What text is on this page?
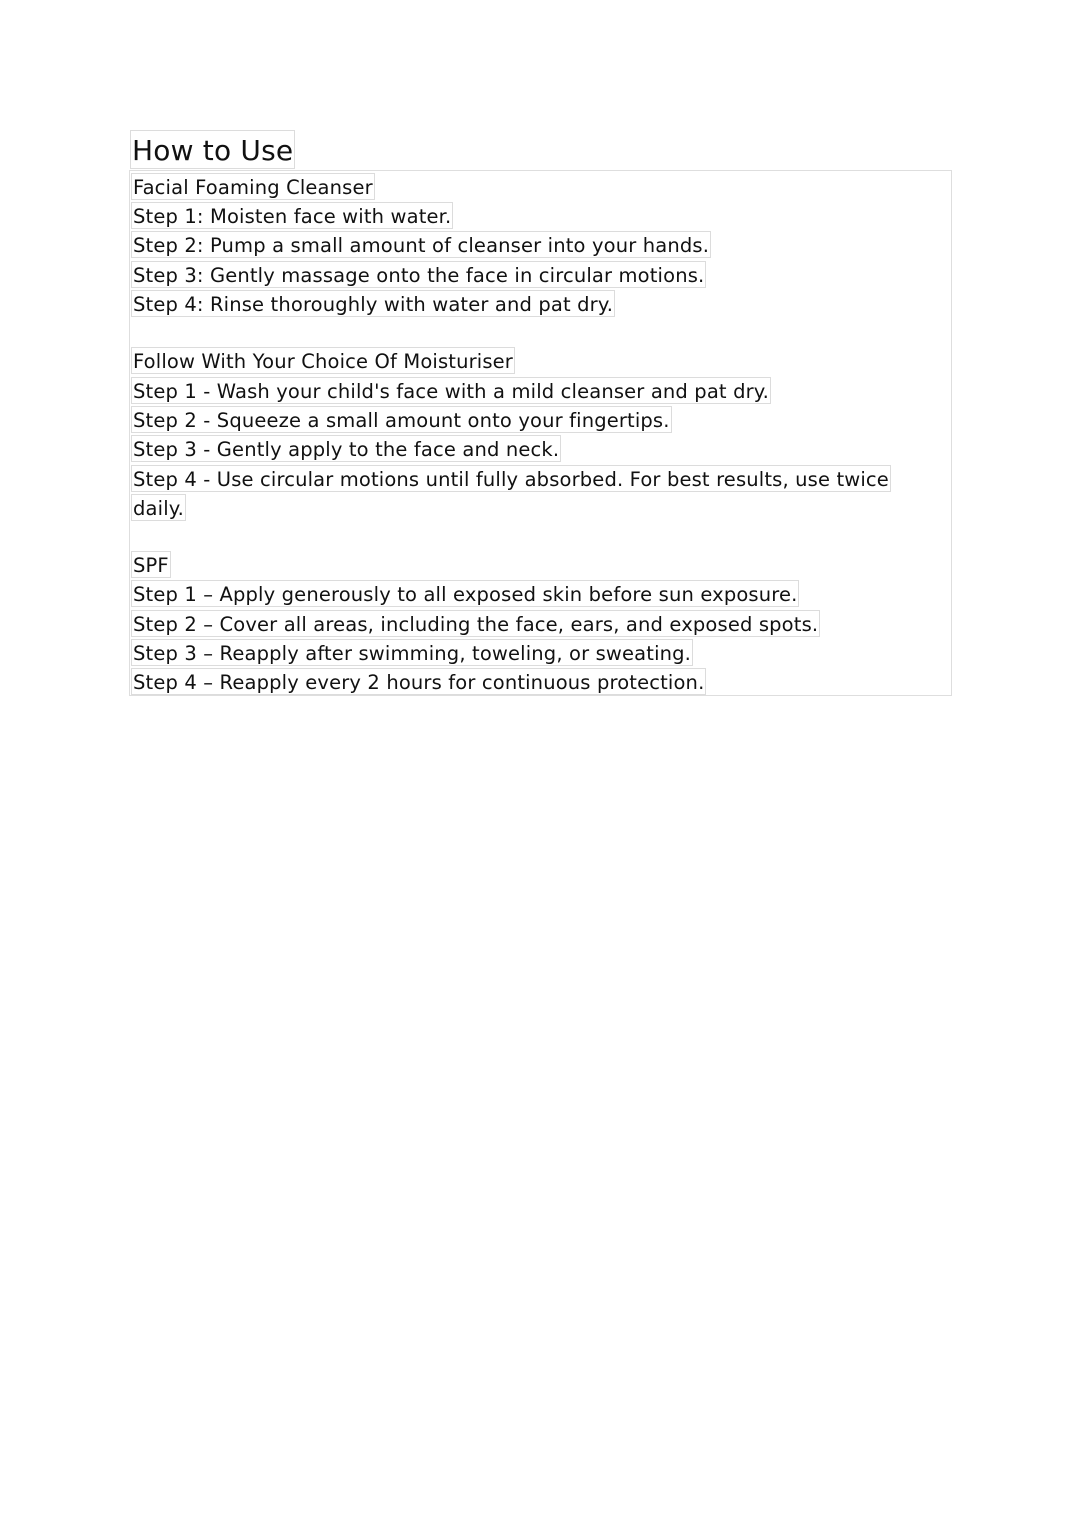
How to Use
Facial Foaming Cleanser
Step 1: Moisten face with water.
Step 2: Pump a small amount of cleanser into your hands.
Step 3: Gently massage onto the face in circular motions.
Step 4: Rinse thoroughly with water and pat dry.
Follow With Your Choice Of Moisturiser
Step 1 - Wash your child's face with a mild cleanser and pat dry.
Step 2 - Squeeze a small amount onto your fingertips.
Step 3 - Gently apply to the face and neck.
Step 4 - Use circular motions until fully absorbed. For best results, use twice
daily.
SPF
Step 1 – Apply generously to all exposed skin before sun exposure.
Step 2 – Cover all areas, including the face, ears, and exposed spots.
Step 3 – Reapply after swimming, toweling, or sweating.
Step 4 – Reapply every 2 hours for continuous protection.
